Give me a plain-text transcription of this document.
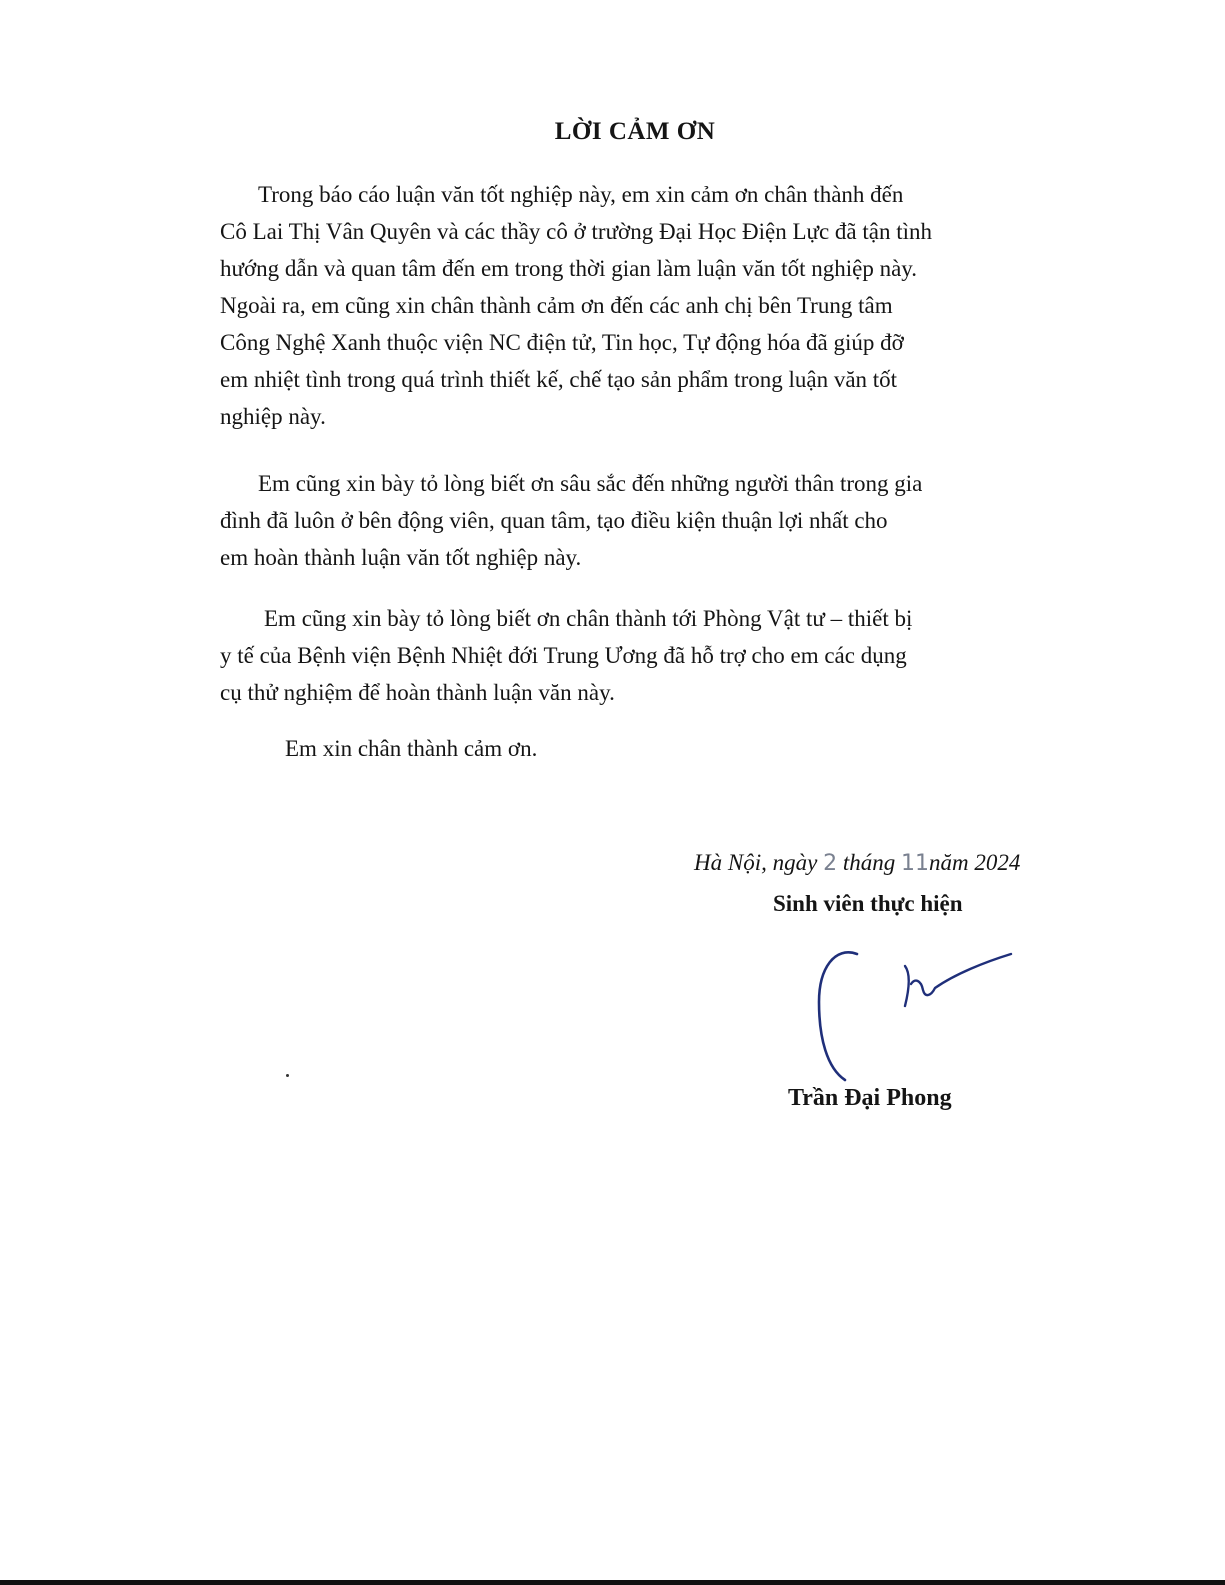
LỜI CẢM ƠN
Trong báo cáo luận văn tốt nghiệp này, em xin cảm ơn chân thành đến
Cô Lai Thị Vân Quyên và các thầy cô ở trường Đại Học Điện Lực đã tận tình
hướng dẫn và quan tâm đến em trong thời gian làm luận văn tốt nghiệp này.
Ngoài ra, em cũng xin chân thành cảm ơn đến các anh chị bên Trung tâm
Công Nghệ Xanh thuộc viện NC điện tử, Tin học, Tự động hóa đã giúp đỡ
em nhiệt tình trong quá trình thiết kế, chế tạo sản phẩm trong luận văn tốt
nghiệp này.
Em cũng xin bày tỏ lòng biết ơn sâu sắc đến những người thân trong gia
đình đã luôn ở bên động viên, quan tâm, tạo điều kiện thuận lợi nhất cho
em hoàn thành luận văn tốt nghiệp này.
Em cũng xin bày tỏ lòng biết ơn chân thành tới Phòng Vật tư – thiết bị
y tế của Bệnh viện Bệnh Nhiệt đới Trung Ương đã hỗ trợ cho em các dụng
cụ thử nghiệm để hoàn thành luận văn này.
Em xin chân thành cảm ơn.
Hà Nội, ngày 2 tháng 11năm 2024
Sinh viên thực hiện
Trần Đại Phong
